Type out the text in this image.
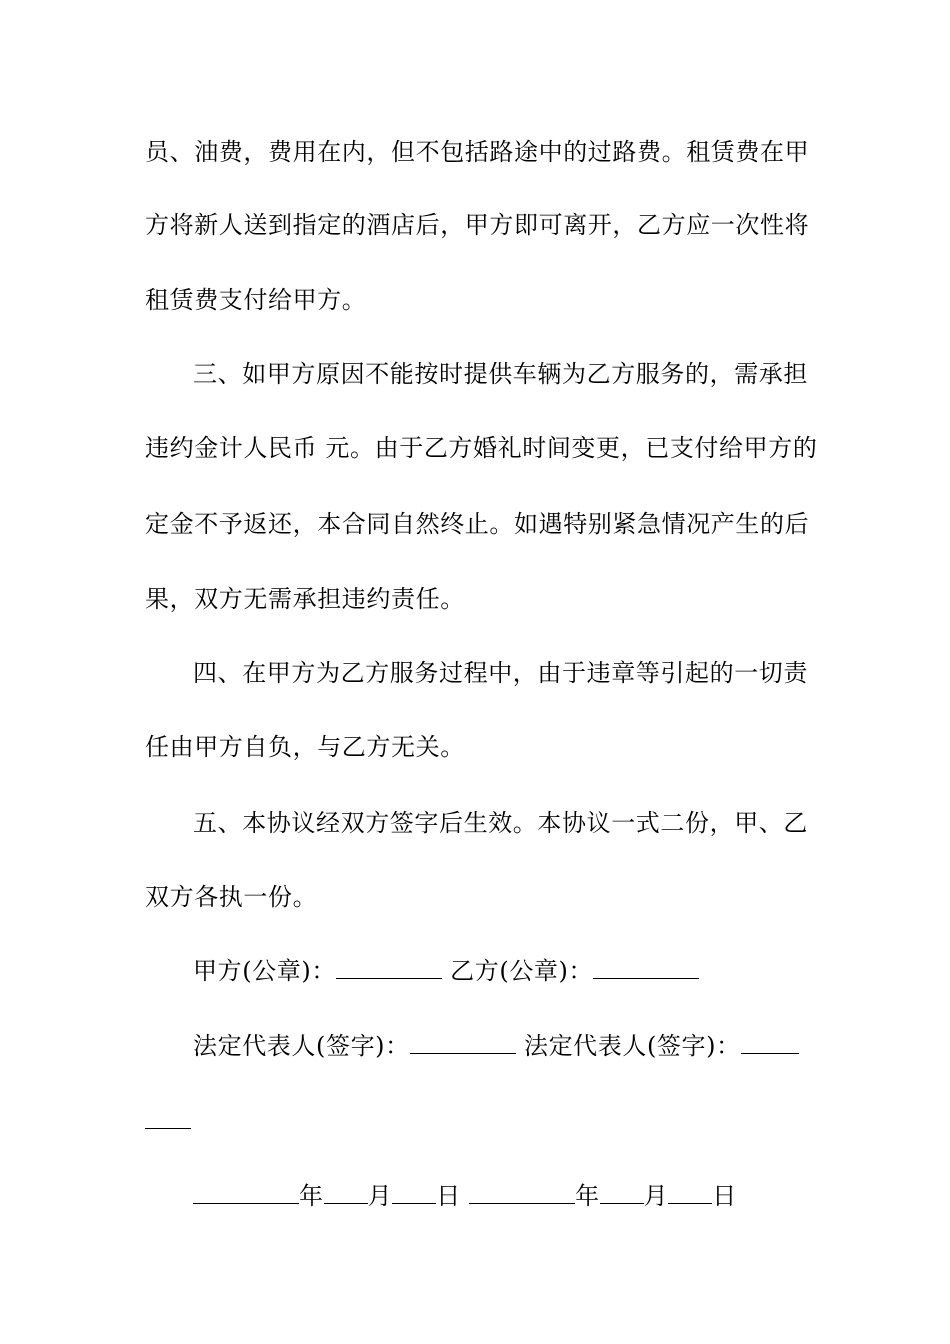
员、油费，费用在内，但不包括路途中的过路费。租赁费在甲
方将新人送到指定的酒店后，甲方即可离开，乙方应一次性将
租赁费支付给甲方。
三、如甲方原因不能按时提供车辆为乙方服务的，需承担
违约金计人民币 元。由于乙方婚礼时间变更，已支付给甲方的
定金不予返还，本合同自然终止。如遇特别紧急情况产生的后
果，双方无需承担违约责任。
四、在甲方为乙方服务过程中，由于违章等引起的一切责
任由甲方自负，与乙方无关。
五、本协议经双方签字后生效。本协议一式二份，甲、乙
双方各执一份。
甲方(公章)：	乙方(公章)：
法定代表人(签字)：	法定代表人(签字)：
年 月 日	年 月 日
